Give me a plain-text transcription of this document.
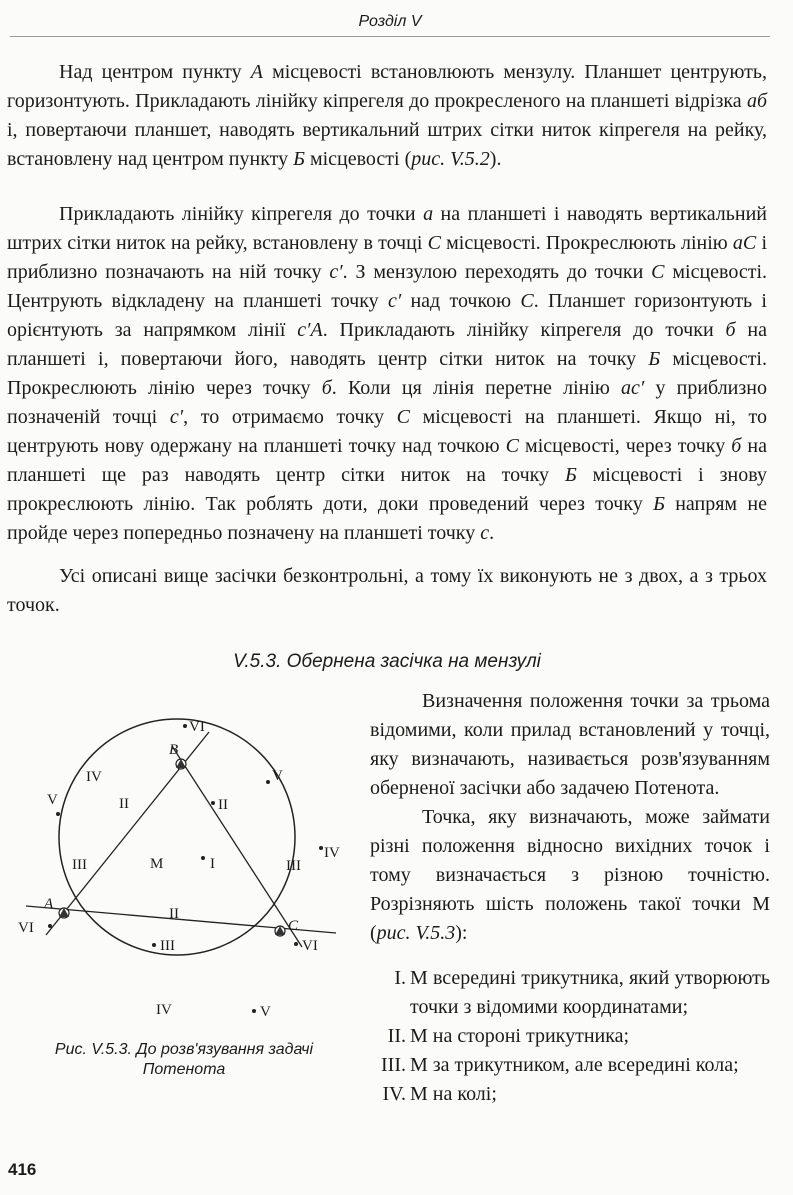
Розділ V

Над центром пункту А місцевості встановлюють мензулу. Планшет центрують, горизонтують. Прикладають лінійку кіпрегеля до прокресленого на планшеті відрізка аб і, повертаючи планшет, наводять вертикальний штрих сітки ниток кіпрегеля на рейку, встановлену над центром пункту Б місцевості (рис. V.5.2).

Прикладають лінійку кіпрегеля до точки а на планшеті і наводять вертикальний штрих сітки ниток на рейку, встановлену в точці С місцевості. Прокреслюють лінію аС і приблизно позначають на ній точку с′. З мензулою переходять до точки С місцевості. Центрують відкладену на планшеті точку с′ над точкою С. Планшет горизонтують і орієнтують за напрямком лінії с′А. Прикладають лінійку кіпрегеля до точки б на планшеті і, повертаючи його, наводять центр сітки ниток на точку Б місцевості. Прокреслюють лінію через точку б. Коли ця лінія перетне лінію ас′ у приблизно позначеній точці с′, то отримаємо точку С місцевості на планшеті. Якщо ні, то центрують нову одержану на планшеті точку над точкою С місцевості, через точку б на планшеті ще раз наводять центр сітки ниток на точку Б місцевості і знову прокреслюють лінію. Так роблять доти, доки проведений через точку Б напрям не пройде через попередньо позначену на планшеті точку с.

Усі описані вище засічки безконтрольні, а тому їх виконують не з двох, а з трьох точок.

V.5.3. Обернена засічка на мензулі

Визначення положення точки за трьома відомими, коли прилад встановлений у точці, яку визначають, називається розв'язуванням оберненої засічки або задачею Потенота.

Точка, яку визначають, може займати різні положення відносно вихідних точок і тому визначається з різною точністю. Розрізняють шість положень такої точки М (рис. V.5.3):

I. М всередині трикутника, який утворюють точки з відомими координатами;
II. М на стороні трикутника;
III. М за трикутником, але всередині кола;
IV. М на колі;
A
B
C
VI
IV
V
V
II	II
III	M	I	III
IV
II
VI
III	VI
IV	V
Рис. V.5.3. До розв'язування задачі
Потенота
416
